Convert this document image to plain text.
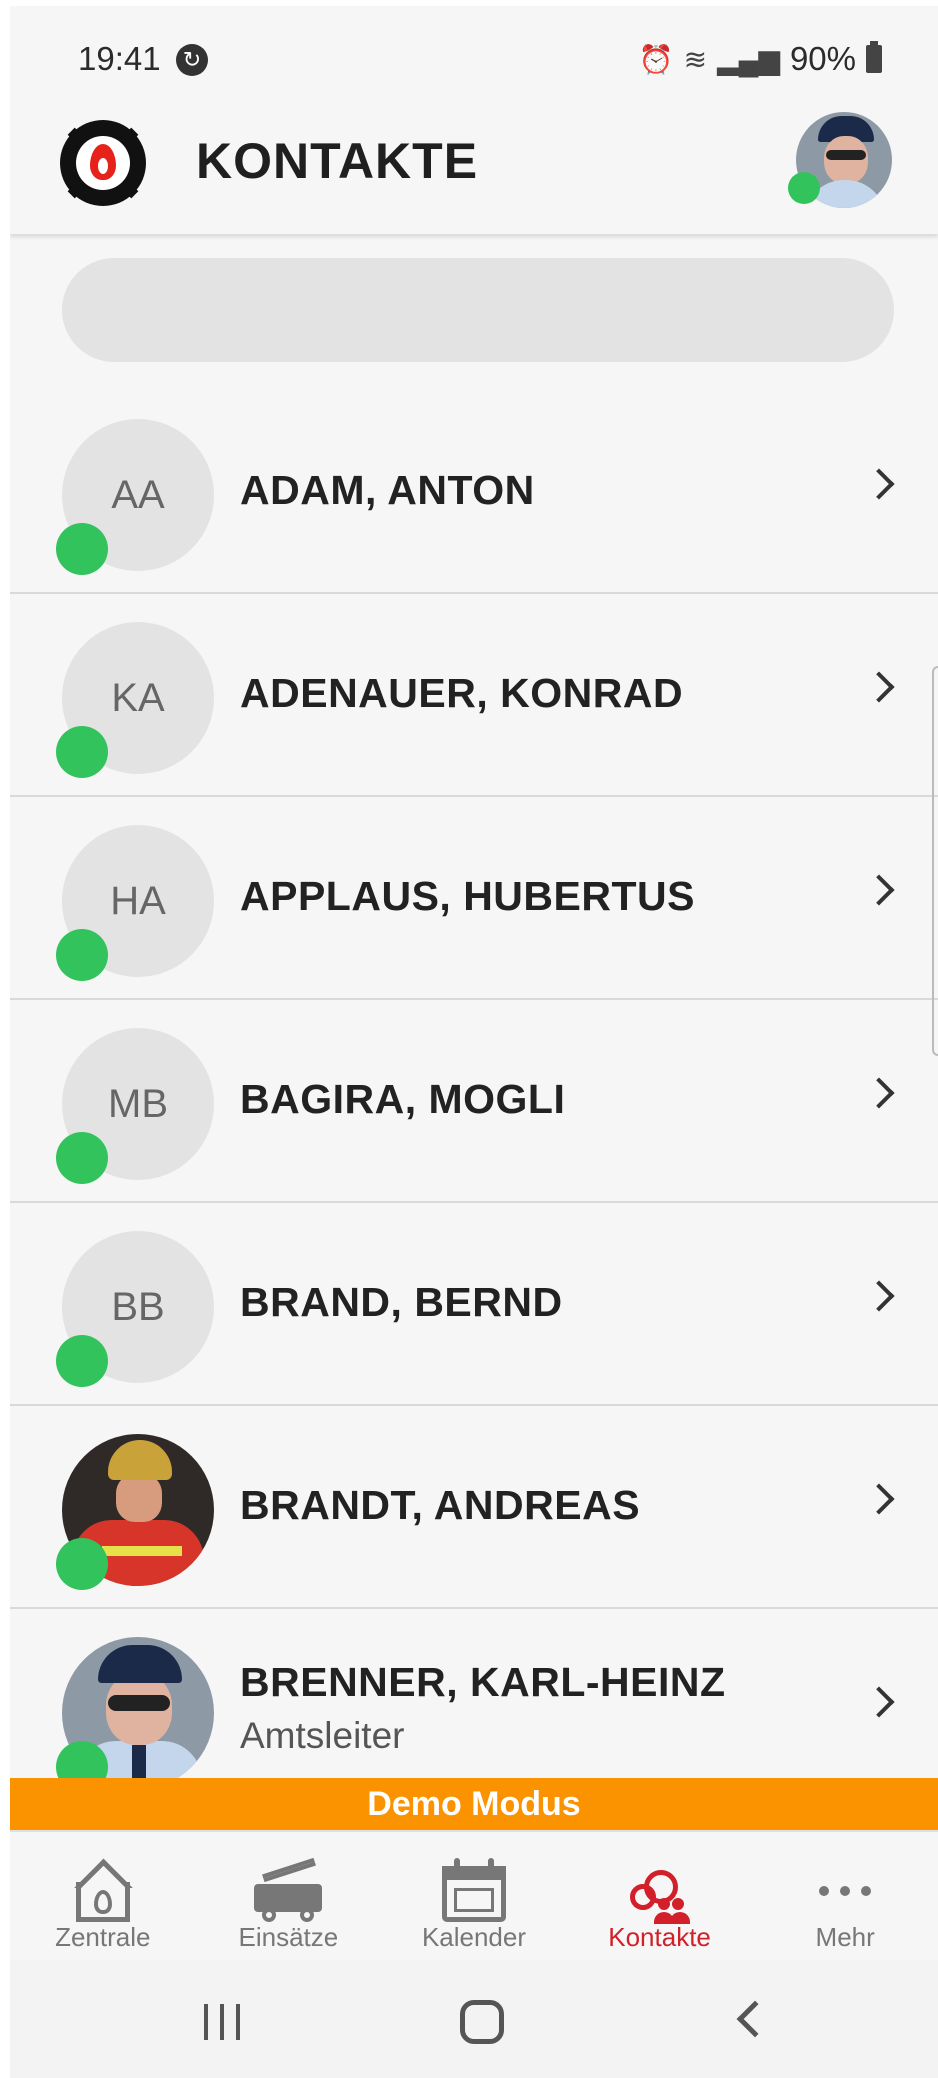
19:41	↻	⏰ ≋ ▂▄▆ 90%
KONTAKTE
AA	ADAM, ANTON
KA	ADENAUER, KONRAD
HA	APPLAUS, HUBERTUS
MB	BAGIRA, MOGLI
BB	BRAND, BERND
BRANDT, ANDREAS
BRENNER, KARL-HEINZ
Amtsleiter
Demo Modus
Zentrale	Einsätze	Kalender	Kontakte	Mehr
